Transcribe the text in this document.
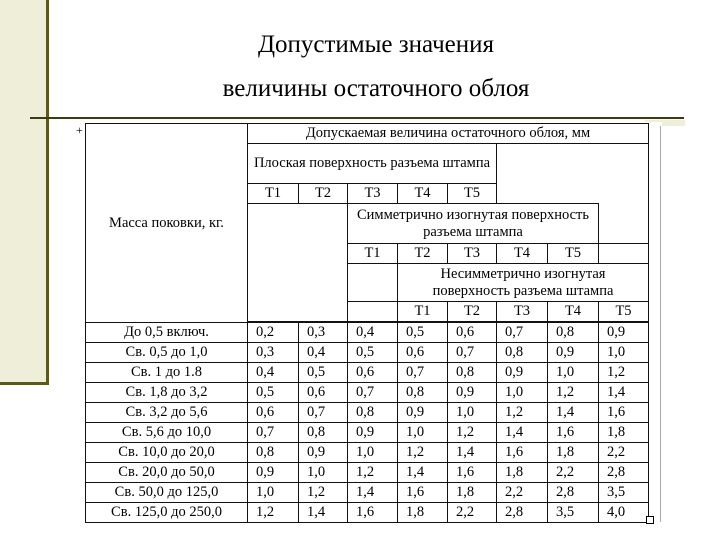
Допустимые значения
величины остаточного облоя
+
Масса поковки, кг.	Допускаемая величина остаточного облоя, мм							
	Плоская поверхность разъема штампа							
	Т1	Т2	Т3	Т4	Т5			
			Симметрично изогнутая поверхность разъема штампа					
			Т1	Т2	Т3	Т4	Т5	
				Несимметрично изогнутая поверхность разъема штампа				
				Т1	Т2	Т3	Т4	Т5

До 0,5 включ.	0,2	0,3	0,4	0,5	0,6	0,7	0,8	0,9
Св. 0,5 до 1,0	0,3	0,4	0,5	0,6	0,7	0,8	0,9	1,0
Св. 1 до 1.8	0,4	0,5	0,6	0,7	0,8	0,9	1,0	1,2
Св. 1,8 до 3,2	0,5	0,6	0,7	0,8	0,9	1,0	1,2	1,4
Св. 3,2 до 5,6	0,6	0,7	0,8	0,9	1,0	1,2	1,4	1,6
Св. 5,6 до 10,0	0,7	0,8	0,9	1,0	1,2	1,4	1,6	1,8
Св. 10,0 до 20,0	0,8	0,9	1,0	1,2	1,4	1,6	1,8	2,2
Св. 20,0 до 50,0	0,9	1,0	1,2	1,4	1,6	1,8	2,2	2,8
Св. 50,0 до 125,0	1,0	1,2	1,4	1,6	1,8	2,2	2,8	3,5
Св. 125,0 до 250,0	1,2	1,4	1,6	1,8	2,2	2,8	3,5	4,0
